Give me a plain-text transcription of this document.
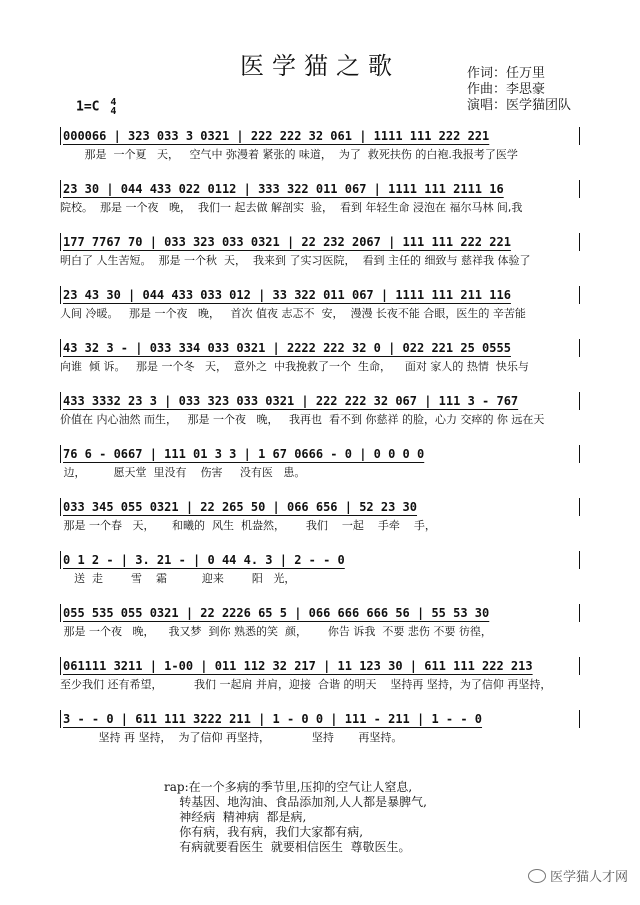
医学猫之歌	作词：任万里
作曲：李思豪
演唱：医学猫团队
1=C 4
4
000066 | 323 033 3 0321 | 222 222 32 061 | 1111 111 222 221
那是  一个夏   天，   空气中 弥漫着 紧张的 味道，  为了  救死扶伤 的白袍.我报考了医学
23 30 | 044 433 022 0112 | 333 322 011 067 | 1111 111 2111 16
院校。  那是 一个夜   晚，  我们一 起去做 解剖实  验，  看到 年轻生命 浸泡在 福尔马林 间,我
177 7767 70 | 033 323 033 0321 | 22 232 2067 | 111 111 222 221
明白了 人生苦短。  那是 一个秋  天，  我来到 了实习医院，  看到 主任的 细致与 慈祥我 体验了
23 43 30 | 044 433 033 012 | 33 322 011 067 | 1111 111 211 116
人间 冷暖。   那是 一个夜   晚，   首次 值夜 志忑不  安，  漫漫 长夜不能 合眼，医生的 辛苦能
43 32 3 - | 033 334 033 0321 | 2222 222 32 0 | 022 221 25 0555
向谁  倾 诉。   那是 一个冬   天，  意外之  中我挽救了一个  生命，    面对 家人的 热情  快乐与
433 3332 23 3 | 033 323 033 0321 | 222 222 32 067 | 111 3 - 767
价值在 内心油然 而生，   那是 一个夜   晚，   我再也  看不到 你慈祥 的脸，心力 交瘁的 你 远在天
76 6 - 0667 | 111 01 3 3 | 1 67 0666 - 0 | 0 0 0 0
边，        愿天堂  里没有    伤害     没有医   患。
033 345 055 0321 | 22 265 50 | 066 656 | 52 23 30
那是 一个春   天，     和曦的  风生  机盎然，      我们    一起    手牵    手，
0 1 2 - | 3. 21 - | 0 44 4. 3 | 2 - - 0
送  走        雪    霜          迎来        阳   光，
055 535 055 0321 | 22 2226 65 5 | 066 666 666 56 | 55 53 30
那是 一个夜   晚，    我又梦  到你 熟悉的笑  颜，      你告 诉我  不要 悲伤 不要 彷徨，
061111 3211 | 1-00 | 011 112 32 217 | 11 123 30 | 611 111 222 213
至少我们 还有希望，         我们 一起肩 并肩，迎接  合谐 的明天    坚持再 坚持，为了信仰 再坚持，
3 - - 0 | 611 111 3222 211 | 1 - 0 0 | 111 - 211 | 1 - - 0
坚持 再 坚持，  为了信仰 再坚持，            坚持       再坚持。
rap:在一个多病的季节里,压抑的空气让人窒息,
转基因、地沟油、食品添加剂,人人都是暴脾气,
神经病  精神病  都是病,
你有病，我有病，我们大家都有病,
有病就要看医生  就要相信医生  尊敬医生。
医学猫人才网
